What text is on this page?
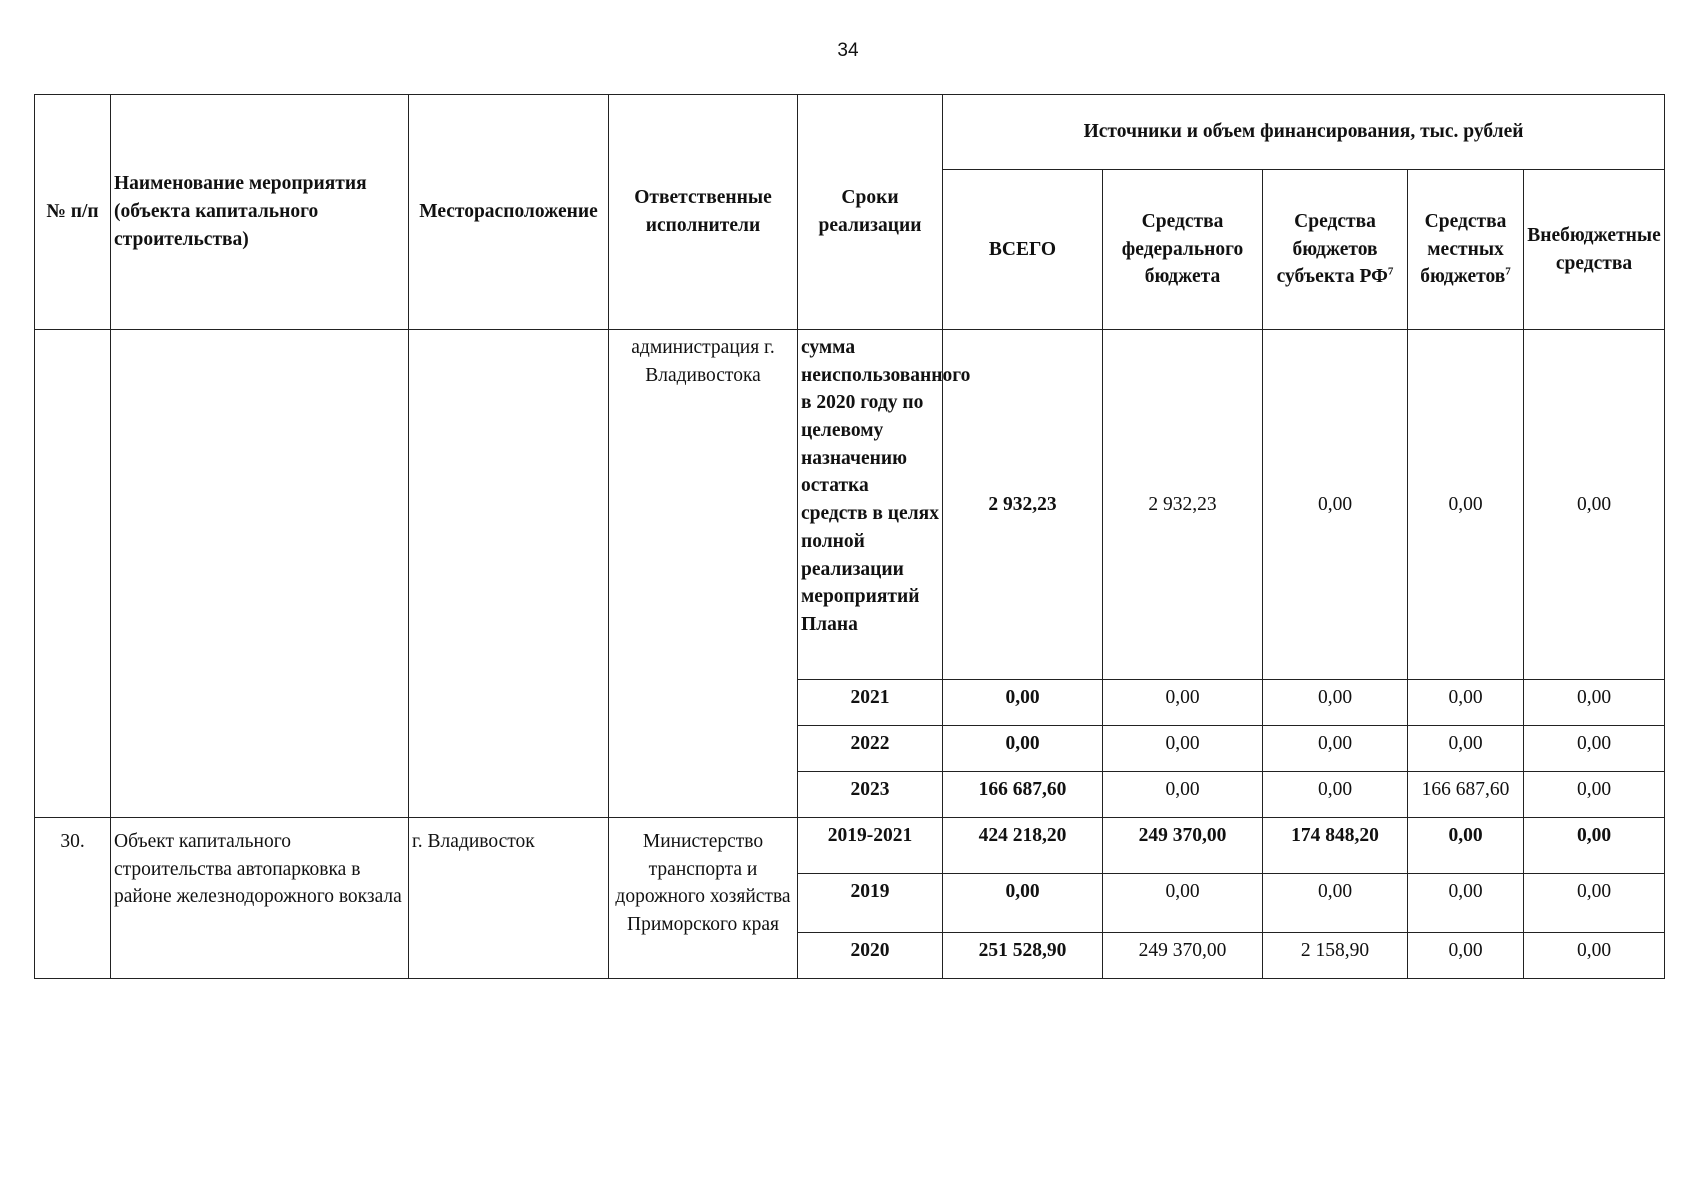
34
№ п/п	Наименование мероприятия (объекта капитального строительства)	Месторасположение	Ответственные исполнители	Сроки реализации	Источники и объем финансирования, тыс. рублей				
					ВСЕГО	Средства федерального бюджета	Средства бюджетов субъекта $РФ^7$	Средства местных бюджетов$^7$	Внебюджетные средства
			администрация г. Владивостока	сумма неиспользованного в 2020 году по целевому назначению остатка средств в целях полной реализации мероприятий Плана	2 932,23	2 932,23	0,00	0,00	0,00
				2021	0,00	0,00	0,00	0,00	0,00
				2022	0,00	0,00	0,00	0,00	0,00
				2023	166 687,60	0,00	0,00	166 687,60	0,00
30.	Объект капитального строительства автопарковка в районе железнодорожного вокзала	г. Владивосток	Министерство транспорта и дорожного хозяйства Приморского края	2019-2021	424 218,20	249 370,00	174 848,20	0,00	0,00
				2019	0,00	0,00	0,00	0,00	0,00
				2020	251 528,90	249 370,00	2 158,90	0,00	0,00
